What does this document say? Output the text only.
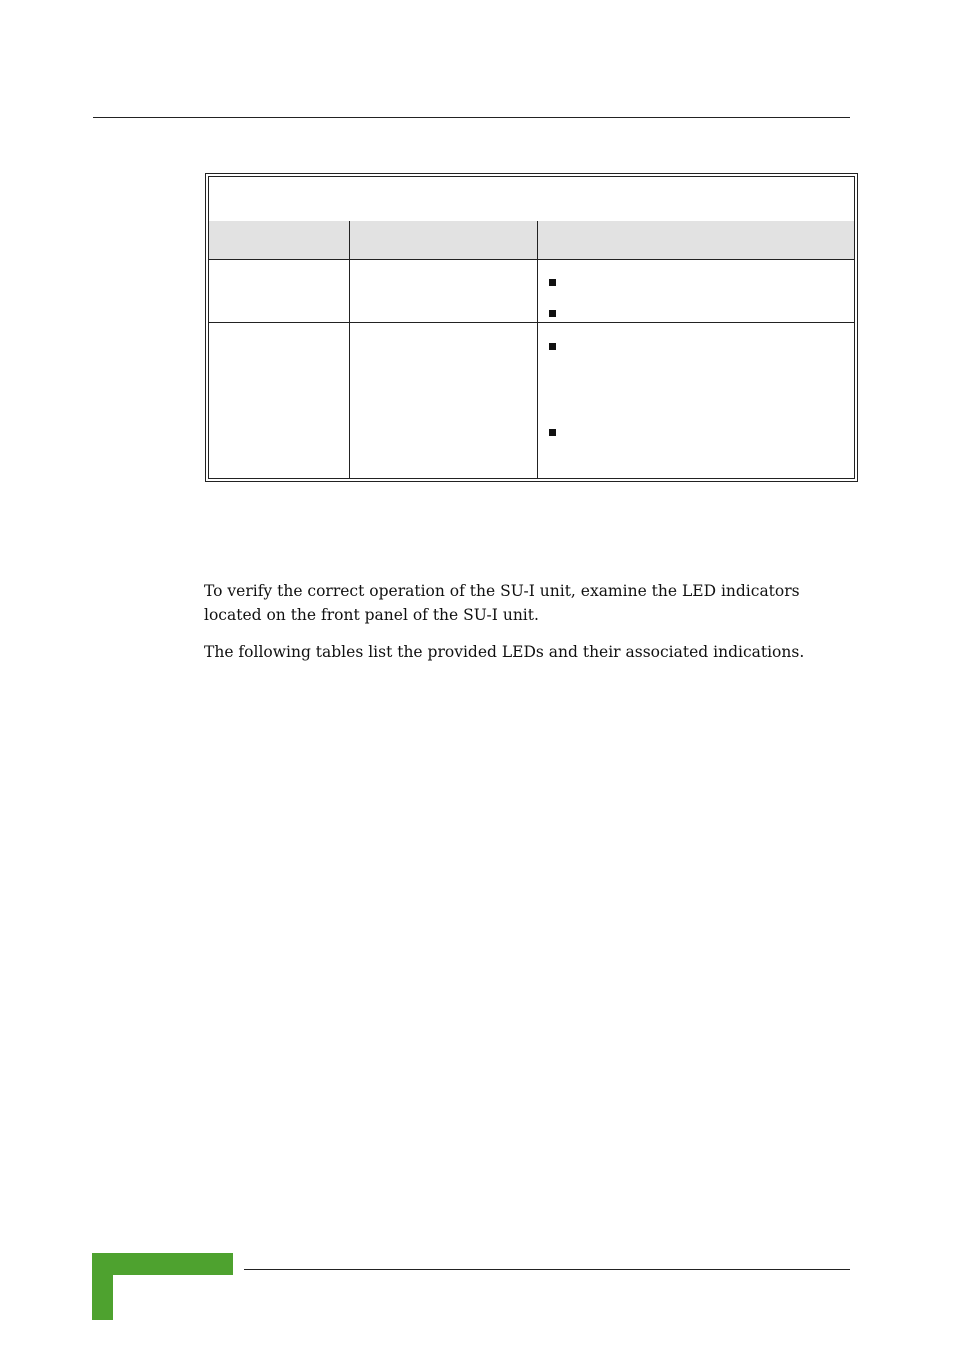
To verify the correct operation of the SU-I unit, examine the LED indicators located on the front panel of the SU-I unit.

The following tables list the provided LEDs and their associated indications.
